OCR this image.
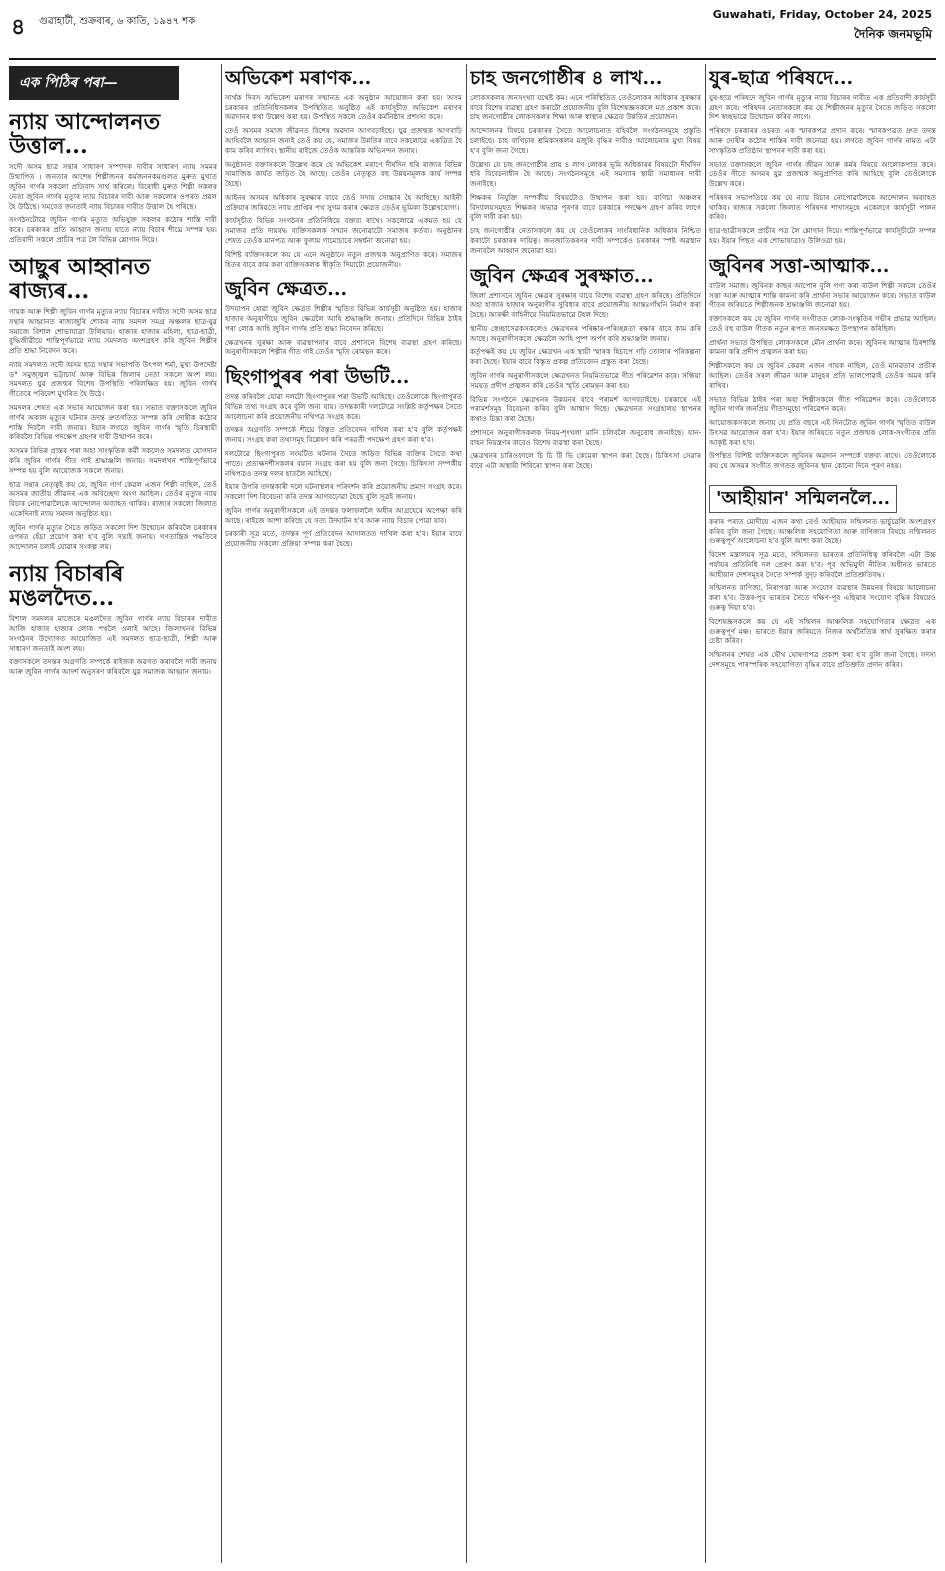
৪ গুৱাহাটী, শুক্ৰবাৰ, ৬ কাতি, ১৯৪৭ শক
Guwahati, Friday, October 24, 2025
দৈনিক জনমভূমি
এক পিঠিৰ পৰা—
ন্যায় আন্দোলনত উত্তাল...

সদৌ অসম ছাত্ৰ সন্থাৰ সাধাৰণ সম্পাদক দাবীৰ সাধাৰণ ন্যায় সমমৰ উত্থাপিত । জনতাৰ আশেষ শিল্পীজনৰ কৰ্মজননকমণ্ডলত মুৰুত মুখ্যত জুবিন গাৰ্গৰ সকলো প্ৰতিবাদ সাৰ্থ কৰিলে। বিৰোধী মুৰুত শিল্পী সকলৰ নেতা জুবিন গাৰ্গৰ মৃত্যুৰ ন্যায় বিচাৰৰ দাবী আৰু সকলোৰ ওপৰত প্ৰৱল হৈ উঠিছে। সমবেত জনতাই ন্যায় বিচাৰৰ দাবীত উত্তাল হৈ পৰিছে।

সংগঠনটোৱে জুবিন গাৰ্গৰ মৃত্যুত অভিযুক্ত সকলৰ কঠোৰ শাস্তি দাবী কৰে। চৰকাৰৰ প্ৰতি আহ্বান জনায় যাতে ন্যায় বিচাৰ শীঘ্ৰে সম্পন্ন হয়। প্ৰতিবাদী সকলে প্ৰাচীৰ পত্ৰ লৈ বিভিন্ন শ্লোগান দিয়ে।

আছুৰ আহ্বানত ৰাজ্যৰ...

গায়ক আৰু শিল্পী জুবিন গাৰ্গৰ মৃত্যুৰ ন্যায় বিচাৰৰ দাবীত সদৌ অসম ছাত্ৰ সন্থাৰ আহ্বানত ৰাজ্যজুৰি শোকৰ ন্যায় সমদল সমগ্ৰ অঞ্চলৰ ছাত্ৰ-যুৱ সমাজে বিশাল শোভাযাত্ৰা উলিয়ায়। হাজাৰ হাজাৰ মহিলা, ছাত্ৰ-ছাত্ৰী, বুদ্ধিজীৱীয়ে শান্তিপূৰ্ণভাৱে ন্যায় সমদলত অংশগ্ৰহণ কৰি জুবিন শিল্পীৰ প্ৰতি শ্ৰদ্ধা নিবেদন কৰে।

ন্যায় সমদলত সদৌ অসম ছাত্ৰ সন্থাৰ সভাপতি উৎপল শৰ্মা, মুখ্য উপদেষ্টা ড° সমুজ্জ্বল ভট্টাচাৰ্য আৰু বিভিন্ন জিলাৰ নেতা সকলে অংশ লয়। সমদলত যুৱ প্ৰজন্মৰ বিশেষ উপস্থিতি পৰিলক্ষিত হয়। জুবিন গাৰ্গৰ গীতেৰে পৰিবেশ মুখৰিত হৈ উঠে।

সমদলৰ শেষত এক সভাৰ আয়োজন কৰা হয়। সভাত বক্তাসকলে জুবিন গাৰ্গৰ অকাল মৃত্যুৰ ঘটনাৰ তদন্ত দ্ৰুতগতিত সম্পন্ন কৰি দোষীক কঠোৰ শাস্তি দিবলৈ দাবী জনায়। ইয়াৰ লগতে জুবিন গাৰ্গৰ স্মৃতি চিৰস্থায়ী কৰিবলৈ বিভিন্ন পদক্ষেপ গ্ৰহণৰ দাবী উত্থাপন কৰে।

অসমৰ বিভিন্ন প্ৰান্তৰ পৰা অহা সাংস্কৃতিক কৰ্মী সকলেও সমদলত যোগদান কৰি জুবিন গাৰ্গৰ গীত গাই শ্ৰদ্ধাঞ্জলি জনায়। সমদলখন শান্তিপূৰ্ণভাৱে সম্পন্ন হয় বুলি আয়োজক সকলে জনায়।

ছাত্ৰ সন্থাৰ নেতৃত্বই কয় যে, জুবিন গাৰ্গ কেৱল এজন শিল্পী নাছিল, তেওঁ অসমৰ জাতীয় জীৱনৰ এক অবিচ্ছেদ্য অংগ আছিল। তেওঁৰ মৃত্যুৰ ন্যায় বিচাৰ নোপোৱালৈকে আন্দোলন অব্যাহত থাকিব। ৰাজ্যৰ সকলো জিলাত একেদিনাই ন্যায় সমদল অনুষ্ঠিত হয়।

জুবিন গাৰ্গৰ মৃত্যুৰ সৈতে জড়িত সকলো দিশ উন্মোচন কৰিবলৈ চৰকাৰৰ ওপৰত হেঁচা প্ৰয়োগ কৰা হ'ব বুলি সন্থাই জনায়। গণতান্ত্ৰিক পদ্ধতিৰে আন্দোলন চলাই যোৱাৰ সংকল্প লয়।

ন্যায় বিচাৰৰি মঙলদৈত...

বিশাল সমদলৰ মাজেৰে মঙলদৈত জুবিন গাৰ্গৰ ন্যায় বিচাৰৰ দাবীত আজি হাজাৰ হাজাৰ লোক পথলৈ ওলাই আহে। জিলাখনৰ বিভিন্ন সংগঠনৰ উদ্যোগত আয়োজিত এই সমদলত ছাত্ৰ-ছাত্ৰী, শিল্পী আৰু সাধাৰণ জনতাই অংশ লয়।

বক্তাসকলে তদন্তৰ অগ্ৰগতি সম্পৰ্কে ৰাইজক অৱগত কৰাবলৈ দাবী জনায় আৰু জুবিন গাৰ্গৰ আদৰ্শ অনুসৰণ কৰিবলৈ যুৱ সমাজক আহ্বান জনায়।

অভিকেশ মৰাণক...

সাৰ্থক দিবস অভিকেশ মৰাণৰ সন্মানত এক অনুষ্ঠান আয়োজন কৰা হয়। অসম চৰকাৰৰ প্ৰতিনিধিসকলৰ উপস্থিতিত অনুষ্ঠিত এই কাৰ্যসূচীত অভিকেশ মৰাণৰ অৱদানৰ কথা উল্লেখ কৰা হয়। উপস্থিত সকলে তেওঁৰ কৰ্মনিষ্ঠাৰ প্ৰশংসা কৰে।

তেওঁ অসমৰ সমাজ জীৱনত বিশেষ অৱদান আগবঢ়াইছে। যুৱ প্ৰজন্মক আগবাঢ়ি আহিবলৈ আহ্বান জনাই তেওঁ কয় যে, সমাজৰ উন্নতিৰ বাবে সকলোৱে একত্ৰিত হৈ কাম কৰিব লাগিব। স্থানীয় ৰাইজে তেওঁক আন্তৰিক অভিনন্দন জনায়।

অনুষ্ঠানত বক্তাসকলে উল্লেখ কৰে যে অভিকেশ মৰাণে দীৰ্ঘদিন ধৰি ৰাজ্যৰ বিভিন্ন সামাজিক কাৰ্যত জড়িত হৈ আছে। তেওঁৰ নেতৃত্বত বহু উন্নয়নমূলক কাৰ্য সম্পন্ন হৈছে।

আইনৰ অসমৰ অধিকাৰ সুৰক্ষাৰ বাবে তেওঁ সদায় সোচ্চাৰ হৈ আহিছে। আইনী প্ৰক্ৰিয়াৰ জৰিয়তে ন্যায় প্ৰাপ্তিৰ পথ সুগম কৰাৰ ক্ষেত্ৰত তেওঁৰ ভূমিকা উল্লেখযোগ্য।

কাৰ্যসূচীত বিভিন্ন সংগঠনৰ প্ৰতিনিধিয়ে বক্তব্য ৰাখে। সকলোৱে একমত হয় যে সমাজৰ প্ৰতি দায়বদ্ধ ব্যক্তিসকলক সন্মান জনোৱাটো সমাজৰ কৰ্তব্য। অনুষ্ঠানৰ শেষত তেওঁক মানপত্ৰ আৰু ফুলাম গামোচাৰে সম্বৰ্ধনা জনোৱা হয়।

বিশিষ্ট ব্যক্তিসকলে কয় যে এনে অনুষ্ঠানে নতুন প্ৰজন্মক অনুপ্ৰাণিত কৰে। সমাজৰ হিতৰ বাবে কাম কৰা ব্যক্তিসকলক স্বীকৃতি দিয়াটো প্ৰয়োজনীয়।

জুবিন ক্ষেত্ৰত...

উদযাপন হোৱা জুবিন ক্ষেত্ৰত শিল্পীৰ স্মৃতিত বিভিন্ন কাৰ্যসূচী অনুষ্ঠিত হয়। হাজাৰ হাজাৰ অনুৰাগীয়ে জুবিন ক্ষেত্ৰলৈ আহি শ্ৰদ্ধাঞ্জলি জনায়। প্ৰতিদিনে বিভিন্ন ঠাইৰ পৰা লোক আহি জুবিন গাৰ্গৰ প্ৰতি শ্ৰদ্ধা নিবেদন কৰিছে।

ক্ষেত্ৰখনৰ সুৰক্ষা আৰু ব্যৱস্থাপনাৰ বাবে প্ৰশাসনে বিশেষ ব্যৱস্থা গ্ৰহণ কৰিছে। অনুৰাগীসকলে শিল্পীৰ গীত গাই তেওঁৰ স্মৃতি ৰোমন্থন কৰে।

ছিংগাপুৰৰ পৰা উভটি...

তদন্ত কৰিবলৈ যোৱা দলটো ছিংগাপুৰৰ পৰা উভটি আহিছে। তেওঁলোকে ছিংগাপুৰত বিভিন্ন তথ্য সংগ্ৰহ কৰে বুলি জনা যায়। তদন্তকাৰী দলটোৱে সংশ্লিষ্ট কৰ্তৃপক্ষৰ সৈতে আলোচনা কৰি প্ৰয়োজনীয় নথিপত্ৰ সংগ্ৰহ কৰে।

তদন্তৰ অগ্ৰগতি সম্পৰ্কে শীঘ্ৰে বিস্তৃত প্ৰতিবেদন দাখিল কৰা হ'ব বুলি কৰ্তৃপক্ষই জনায়। সংগ্ৰহ কৰা তথ্যসমূহ বিশ্লেষণ কৰি পৰৱৰ্তী পদক্ষেপ গ্ৰহণ কৰা হ'ব।

দলটোৱে ছিংগাপুৰত সংঘটিত ঘটনাৰ সৈতে জড়িত বিভিন্ন ব্যক্তিৰ সৈতে কথা পাতে। প্ৰত্যক্ষদৰ্শীসকলৰ বয়ান সংগ্ৰহ কৰা হয় বুলি জনা গৈছে। চিকিৎসা সম্পৰ্কীয় নথিপত্ৰও তদন্ত দলৰ হাতলৈ আহিছে।

ইয়াৰ উপৰি তদন্তকাৰী দলে ঘটনাস্থলৰ পৰিদৰ্শন কৰি প্ৰয়োজনীয় প্ৰমাণ সংগ্ৰহ কৰে। সকলো দিশ বিবেচনা কৰি তদন্ত আগবঢ়োৱা হৈছে বুলি সূত্ৰই জনায়।

জুবিন গাৰ্গৰ অনুৰাগীসকলে এই তদন্তৰ ফলাফললৈ অধীৰ আগ্ৰহেৰে অপেক্ষা কৰি আছে। ৰাইজে আশা কৰিছে যে সত্য উদ্ঘাটন হ'ব আৰু ন্যায় বিচাৰ পোৱা যাব।

চৰকাৰী সূত্ৰ মতে, তদন্তৰ পূৰ্ণ প্ৰতিবেদন আদালতত দাখিল কৰা হ'ব। ইয়াৰ বাবে প্ৰয়োজনীয় সকলো প্ৰক্ৰিয়া সম্পন্ন কৰা হৈছে।

চাহ জনগোষ্ঠীৰ ৪ লাখ...

লোকসকলৰ জনসংখ্যা যথেষ্ট কম। এনে পৰিস্থিতিত তেওঁলোকৰ অধিকাৰ সুৰক্ষাৰ বাবে বিশেষ ব্যৱস্থা গ্ৰহণ কৰাটো প্ৰয়োজনীয় বুলি বিশেষজ্ঞসকলে মত প্ৰকাশ কৰে। চাহ জনগোষ্ঠীৰ লোকসকলৰ শিক্ষা আৰু স্বাস্থ্যৰ ক্ষেত্ৰত উন্নতিৰ প্ৰয়োজন।

আন্দোলনৰ বিষয়ে চৰকাৰৰ সৈতে আলোচনাত বহিবলৈ সংগঠনসমূহে প্ৰস্তুতি চলাইছে। চাহ বাগিচাৰ শ্ৰমিকসকলৰ মজুৰি বৃদ্ধিৰ দাবীও আলোচনাৰ মুখ্য বিষয় হ'ব বুলি জনা গৈছে।

উল্লেখ্য যে চাহ জনগোষ্ঠীৰ প্ৰায় ৪ লাখ লোকৰ ভূমি অধিকাৰৰ বিষয়টো দীৰ্ঘদিন ধৰি বিবেচনাধীন হৈ আছে। সংগঠনসমূহে এই সমস্যাৰ স্থায়ী সমাধানৰ দাবী জনাইছে।

শিক্ষকৰ নিযুক্তি সম্পৰ্কীয় বিষয়টোও উত্থাপন কৰা হয়। বাগিচা অঞ্চলৰ বিদ্যালয়সমূহত শিক্ষকৰ অভাৱ পূৰণৰ বাবে চৰকাৰে পদক্ষেপ গ্ৰহণ কৰিব লাগে বুলি দাবী কৰা হয়।

চাহ জনগোষ্ঠীৰ নেতাসকলে কয় যে তেওঁলোকৰ সাংবিধানিক অধিকাৰ নিশ্চিত কৰাটো চৰকাৰৰ দায়িত্ব। জনজাতিকৰণৰ দাবী সম্পৰ্কেও চৰকাৰৰ স্পষ্ট অৱস্থান জনাবলৈ আহ্বান জনোৱা হয়।

জুবিন ক্ষেত্ৰৰ সুৰক্ষাত...

জিলা প্ৰশাসনে জুবিন ক্ষেত্ৰৰ সুৰক্ষাৰ বাবে বিশেষ ব্যৱস্থা গ্ৰহণ কৰিছে। প্ৰতিদিনে অহা হাজাৰ হাজাৰ অনুৰাগীৰ সুবিধাৰ বাবে প্ৰয়োজনীয় আন্তঃগাঁথনি নিৰ্মাণ কৰা হৈছে। আৰক্ষী বাহিনীয়ে নিয়মিতভাৱে টহল দিছে।

স্থানীয় স্বেচ্ছাসেৱকসকলেও ক্ষেত্ৰখনৰ পৰিষ্কাৰ-পৰিচ্ছন্নতা ৰক্ষাৰ বাবে কাম কৰি আছে। অনুৰাগীসকলে ক্ষেত্ৰলৈ আহি পুষ্প অৰ্পণ কৰি শ্ৰদ্ধাঞ্জলি জনায়।

কৰ্তৃপক্ষই কয় যে জুবিন ক্ষেত্ৰখন এক স্থায়ী স্মাৰক হিচাপে গঢ়ি তোলাৰ পৰিকল্পনা কৰা হৈছে। ইয়াৰ বাবে বিস্তৃত প্ৰকল্প প্ৰতিবেদন প্ৰস্তুত কৰা হৈছে।

জুবিন গাৰ্গৰ অনুৰাগীসকলে ক্ষেত্ৰখনত নিয়মিতভাৱে গীত পৰিৱেশন কৰে। সন্ধিয়া সময়ত প্ৰদীপ প্ৰজ্বলন কৰি তেওঁৰ স্মৃতি ৰোমন্থন কৰা হয়।

বিভিন্ন সংগঠনে ক্ষেত্ৰখনৰ উন্নয়নৰ বাবে পৰামৰ্শ আগবঢ়াইছে। চৰকাৰে এই পৰামৰ্শসমূহ বিবেচনা কৰিব বুলি আশ্বাস দিছে। ক্ষেত্ৰখনত সংগ্ৰহালয় স্থাপনৰ কথাও চিন্তা কৰা হৈছে।

প্ৰশাসনে অনুৰাগীসকলক নিয়ম-শৃংখলা মানি চলিবলৈ অনুৰোধ জনাইছে। যান-বাহন নিয়ন্ত্ৰণৰ বাবেও বিশেষ ব্যৱস্থা কৰা হৈছে।

ক্ষেত্ৰখনৰ চাৰিওফালে চি চি টি ভি কেমেৰা স্থাপন কৰা হৈছে। চিকিৎসা সেৱাৰ বাবে এটা অস্থায়ী শিবিৰো স্থাপন কৰা হৈছে।

যুৰ-ছাত্ৰ পৰিষদে...

যুৰ-ছাত্ৰ পৰিষদে জুবিন গাৰ্গৰ মৃত্যুৰ ন্যায় বিচাৰৰ দাবীত এক প্ৰতিবাদী কাৰ্যসূচী গ্ৰহণ কৰে। পৰিষদৰ নেতাসকলে কয় যে শিল্পীজনৰ মৃত্যুৰ সৈতে জড়িত সকলো দিশ স্বচ্ছভাৱে উন্মোচন কৰিব লাগে।

পৰিষদে চৰকাৰৰ ওচৰত এক স্মাৰকপত্ৰ প্ৰদান কৰে। স্মাৰকপত্ৰত দ্ৰুত তদন্ত আৰু দোষীৰ কঠোৰ শাস্তিৰ দাবী জনোৱা হয়। লগতে জুবিন গাৰ্গৰ নামত এটা সাংস্কৃতিক প্ৰতিষ্ঠান স্থাপনৰ দাবী কৰা হয়।

সভাত বক্তাসকলে জুবিন গাৰ্গৰ জীৱন আৰু কৰ্মৰ বিষয়ে আলোকপাত কৰে। তেওঁৰ গীতে অসমৰ যুৱ প্ৰজন্মক অনুপ্ৰাণিত কৰি আহিছে বুলি তেওঁলোকে উল্লেখ কৰে।

পৰিষদৰ সভাপতিয়ে কয় যে ন্যায় বিচাৰ নোপোৱালৈকে আন্দোলন অব্যাহত থাকিব। ৰাজ্যৰ সকলো জিলাত পৰিষদৰ শাখাসমূহে একেলগে কাৰ্যসূচী পালন কৰিব।

ছাত্ৰ-ছাত্ৰীসকলে প্ৰাচীৰ পত্ৰ লৈ শ্লোগান দিয়ে। শান্তিপূৰ্ণভাৱে কাৰ্যসূচীটো সম্পন্ন হয়। ইয়াৰ পিছত এক শোভাযাত্ৰাও উলিওৱা হয়।

জুবিনৰ সত্তা-আত্মাক...

বাউল সমাজ। জুবিনক কাছৰ আপোন বুলি গণ্য কৰা বাউল শিল্পী সকলে তেওঁৰ সত্তা আৰু আত্মাৰ শান্তি কামনা কৰি প্ৰাৰ্থনা সভাৰ আয়োজন কৰে। সভাত বাউল গীতৰ জৰিয়তে শিল্পীজনক শ্ৰদ্ধাঞ্জলি জনোৱা হয়।

বক্তাসকলে কয় যে জুবিন গাৰ্গৰ সংগীতত লোক-সংস্কৃতিৰ গভীৰ প্ৰভাৱ আছিল। তেওঁ বহু বাউল গীতক নতুন ৰূপত জনসমক্ষত উপস্থাপন কৰিছিল।

প্ৰাৰ্থনা সভাত উপস্থিত লোকসকলে মৌন প্ৰাৰ্থনা কৰে। জুবিনৰ আত্মাৰ চিৰশান্তি কামনা কৰি প্ৰদীপ প্ৰজ্বলন কৰা হয়।

শিল্পীসকলে কয় যে জুবিন কেৱল এজন গায়ক নাছিল, তেওঁ মানৱতাৰ প্ৰতীক আছিল। তেওঁৰ সৰল জীৱন আৰু মানুহৰ প্ৰতি ভালপোৱাই তেওঁক অমৰ কৰি ৰাখিব।

সভাত বিভিন্ন ঠাইৰ পৰা অহা শিল্পীসকলে গীত পৰিৱেশন কৰে। তেওঁলোকে জুবিন গাৰ্গৰ জনপ্ৰিয় গীতসমূহো পৰিৱেশন কৰে।

আয়োজকসকলে জনায় যে প্ৰতি বছৰে এই দিনটোত জুবিন গাৰ্গৰ স্মৃতিত বাউল উৎসৱ আয়োজন কৰা হ'ব। ইয়াৰ জৰিয়তে নতুন প্ৰজন্মক লোক-সংগীতৰ প্ৰতি আকৃষ্ট কৰা হ'ব।

উপস্থিত বিশিষ্ট ব্যক্তিসকলে জুবিনৰ অৱদান সম্পৰ্কে বক্তব্য ৰাখে। তেওঁলোকে কয় যে অসমৰ সংগীত জগতত জুবিনৰ স্থান কোনো দিনে পূৰণ নহয়।

'আহীয়ান' সন্মিলনলৈ...

কৰাৰ পৰাত মোদীয়ে এজন কথা তেওঁ আহীয়ান সন্মিলনত ভাৰ্চুৱেলি অংশগ্ৰহণ কৰিব বুলি জনা গৈছে। আঞ্চলিক সহযোগিতা আৰু বাণিজ্যৰ বিষয়ে সন্মিলনত গুৰুত্বপূৰ্ণ আলোচনা হ'ব বুলি আশা কৰা হৈছে।

বিদেশ মন্ত্ৰালয়ৰ সূত্ৰ মতে, সন্মিলনত ভাৰতৰ প্ৰতিনিধিত্ব কৰিবলৈ এটা উচ্চ পৰ্যায়ৰ প্ৰতিনিধি দল প্ৰেৰণ কৰা হ'ব। পূব অভিমুখী নীতিৰ অধীনত ভাৰতে আহীয়ান দেশসমূহৰ সৈতে সম্পৰ্ক সুদৃঢ় কৰিবলৈ প্ৰতিশ্ৰুতিবদ্ধ।

সন্মিলনত বাণিজ্য, নিৰাপত্তা আৰু সংযোগ ব্যৱস্থাৰ উন্নয়নৰ বিষয়ে আলোচনা কৰা হ'ব। উত্তৰ-পূব ভাৰতৰ সৈতে দক্ষিণ-পূব এছিয়াৰ সংযোগ বৃদ্ধিৰ বিষয়েও গুৰুত্ব দিয়া হ'ব।

বিশেষজ্ঞসকলে কয় যে এই সন্মিলন আঞ্চলিক সহযোগিতাৰ ক্ষেত্ৰত এক গুৰুত্বপূৰ্ণ মঞ্চ। ভাৰতে ইয়াৰ জৰিয়তে নিজৰ অৰ্থনৈতিক স্বাৰ্থ সুৰক্ষিত কৰাৰ চেষ্টা কৰিব।

সন্মিলনৰ শেষত এক যৌথ ঘোষণাপত্ৰ প্ৰকাশ কৰা হ'ব বুলি জনা গৈছে। সদস্য দেশসমূহে পাৰস্পৰিক সহযোগিতা বৃদ্ধিৰ বাবে প্ৰতিশ্ৰুতি প্ৰদান কৰিব।
